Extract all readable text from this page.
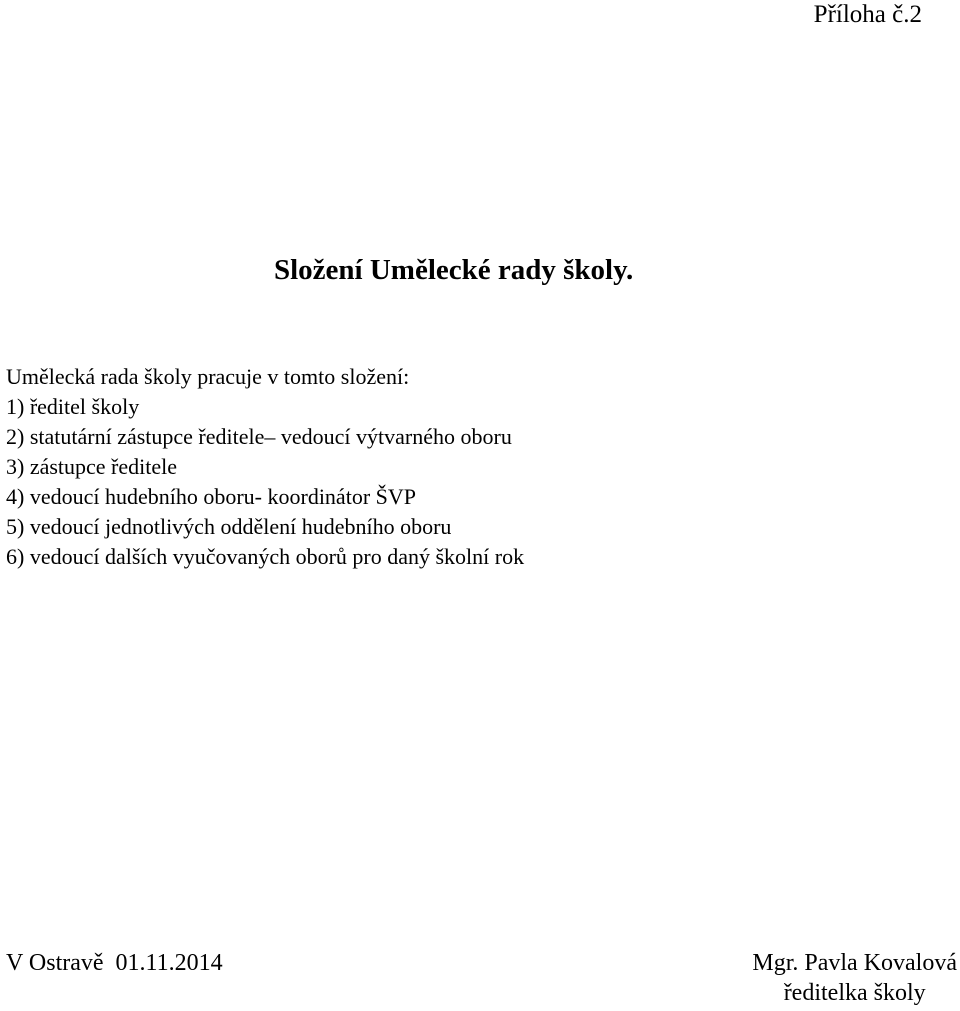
Příloha č.2
Složení Umělecké rady školy.
Umělecká rada školy pracuje v tomto složení:
1) ředitel školy
2) statutární zástupce ředitele– vedoucí výtvarného oboru
3) zástupce ředitele
4) vedoucí hudebního oboru- koordinátor ŠVP
5) vedoucí jednotlivých oddělení hudebního oboru
6) vedoucí dalších vyučovaných oborů pro daný školní rok
V Ostravě  01.11.2014	Mgr. Pavla Kovalová
ředitelka školy
